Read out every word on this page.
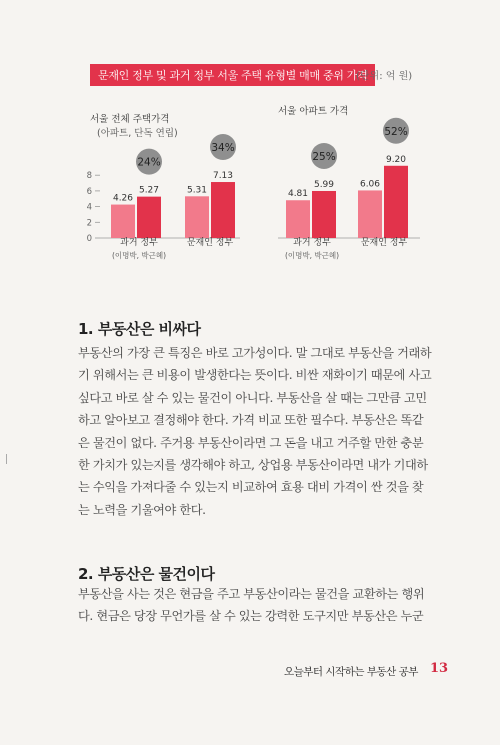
문재인 정부 및 과거 정부 서울 주택 유형별 매매 중위 가격
(단위: 억 원)
서울 전체 주택가격
(아파트, 단독 연립)
8
6
4
2
0
4.26
5.27
24%
5.31
7.13
34%
과거 정부
(이명박, 박근혜)
문재인 정부
서울 아파트 가격
4.81
5.99
25%
6.06
9.20
52%
과거 정부
(이명박, 박근혜)
문재인 정부
1. 부동산은 비싸다

부동산의 가장 큰 특징은 바로 고가성이다. 말 그대로 부동산을 거래하
기 위해서는 큰 비용이 발생한다는 뜻이다. 비싼 재화이기 때문에 사고
싶다고 바로 살 수 있는 물건이 아니다. 부동산을 살 때는 그만큼 고민
하고 알아보고 결정해야 한다. 가격 비교 또한 필수다. 부동산은 똑같
은 물건이 없다. 주거용 부동산이라면 그 돈을 내고 거주할 만한 충분
한 가치가 있는지를 생각해야 하고, 상업용 부동산이라면 내가 기대하
는 수익을 가져다줄 수 있는지 비교하여 효용 대비 가격이 싼 것을 찾
는 노력을 기울여야 한다.

2. 부동산은 물건이다

부동산을 사는 것은 현금을 주고 부동산이라는 물건을 교환하는 행위
다. 현금은 당장 무언가를 살 수 있는 강력한 도구지만 부동산은 누군

오늘부터 시작하는 부동산 공부 13
